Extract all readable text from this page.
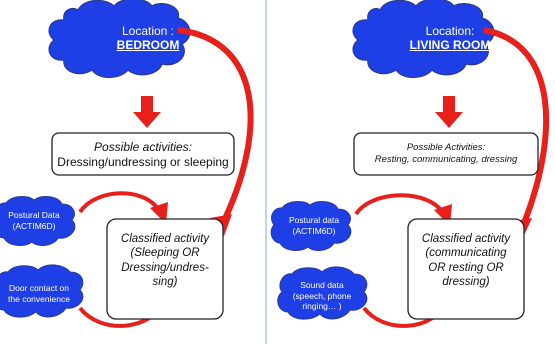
Location :
BEDROOM
Possible activities:
Dressing/undressing or sleeping
Postural Data
(ACTIM6D)
Door contact on
the convenience
Classified activity
(Sleeping OR
Dressing/undres-
sing)
Location:
LIVING ROOM
Possible Activities:
Resting, communicating, dressing
Postural data
(ACTIM6D)
Sound data
(speech, phone
ringing… )
Classified activity
(communicating
OR resting OR
dressing)
